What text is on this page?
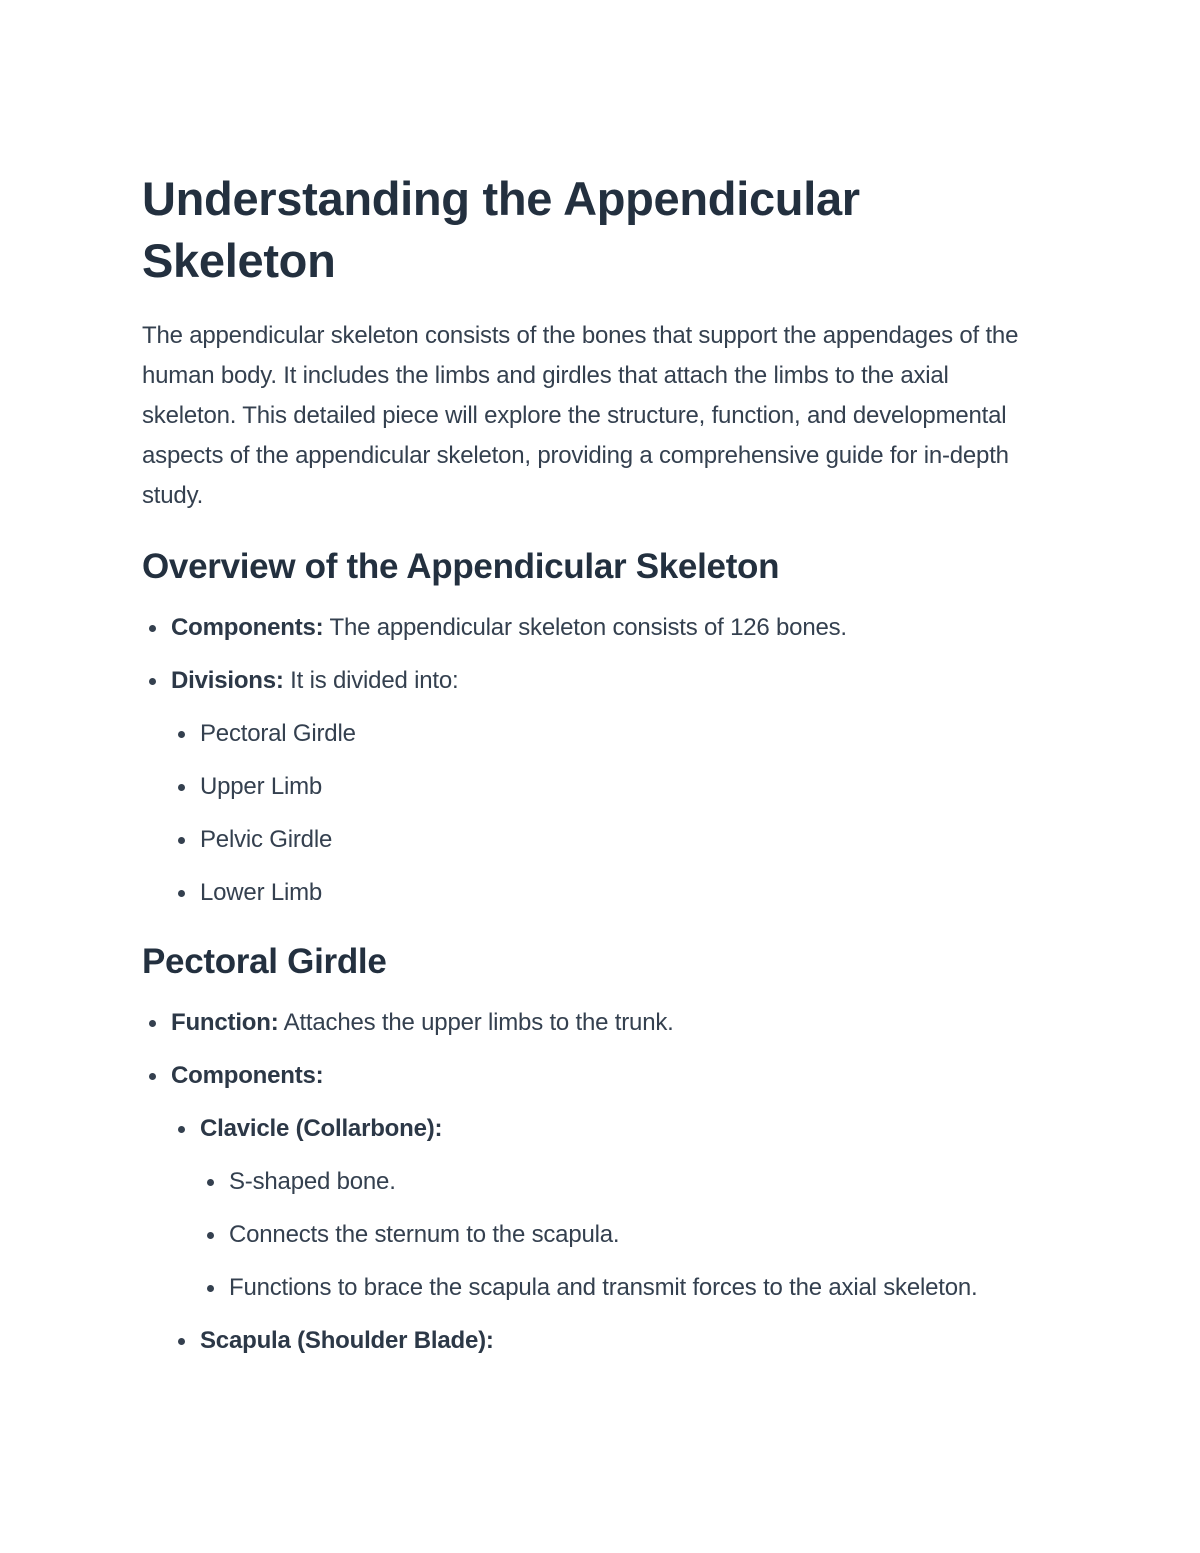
Understanding the Appendicular Skeleton

The appendicular skeleton consists of the bones that support the appendages of the human body. It includes the limbs and girdles that attach the limbs to the axial skeleton. This detailed piece will explore the structure, function, and developmental aspects of the appendicular skeleton, providing a comprehensive guide for in-depth study.

Overview of the Appendicular Skeleton
Components: The appendicular skeleton consists of 126 bones.
Divisions: It is divided into:
Pectoral Girdle
Upper Limb
Pelvic Girdle
Lower Limb
Pectoral Girdle
Function: Attaches the upper limbs to the trunk.
Components:
Clavicle (Collarbone):
S-shaped bone.
Connects the sternum to the scapula.
Functions to brace the scapula and transmit forces to the axial skeleton.
Scapula (Shoulder Blade):
